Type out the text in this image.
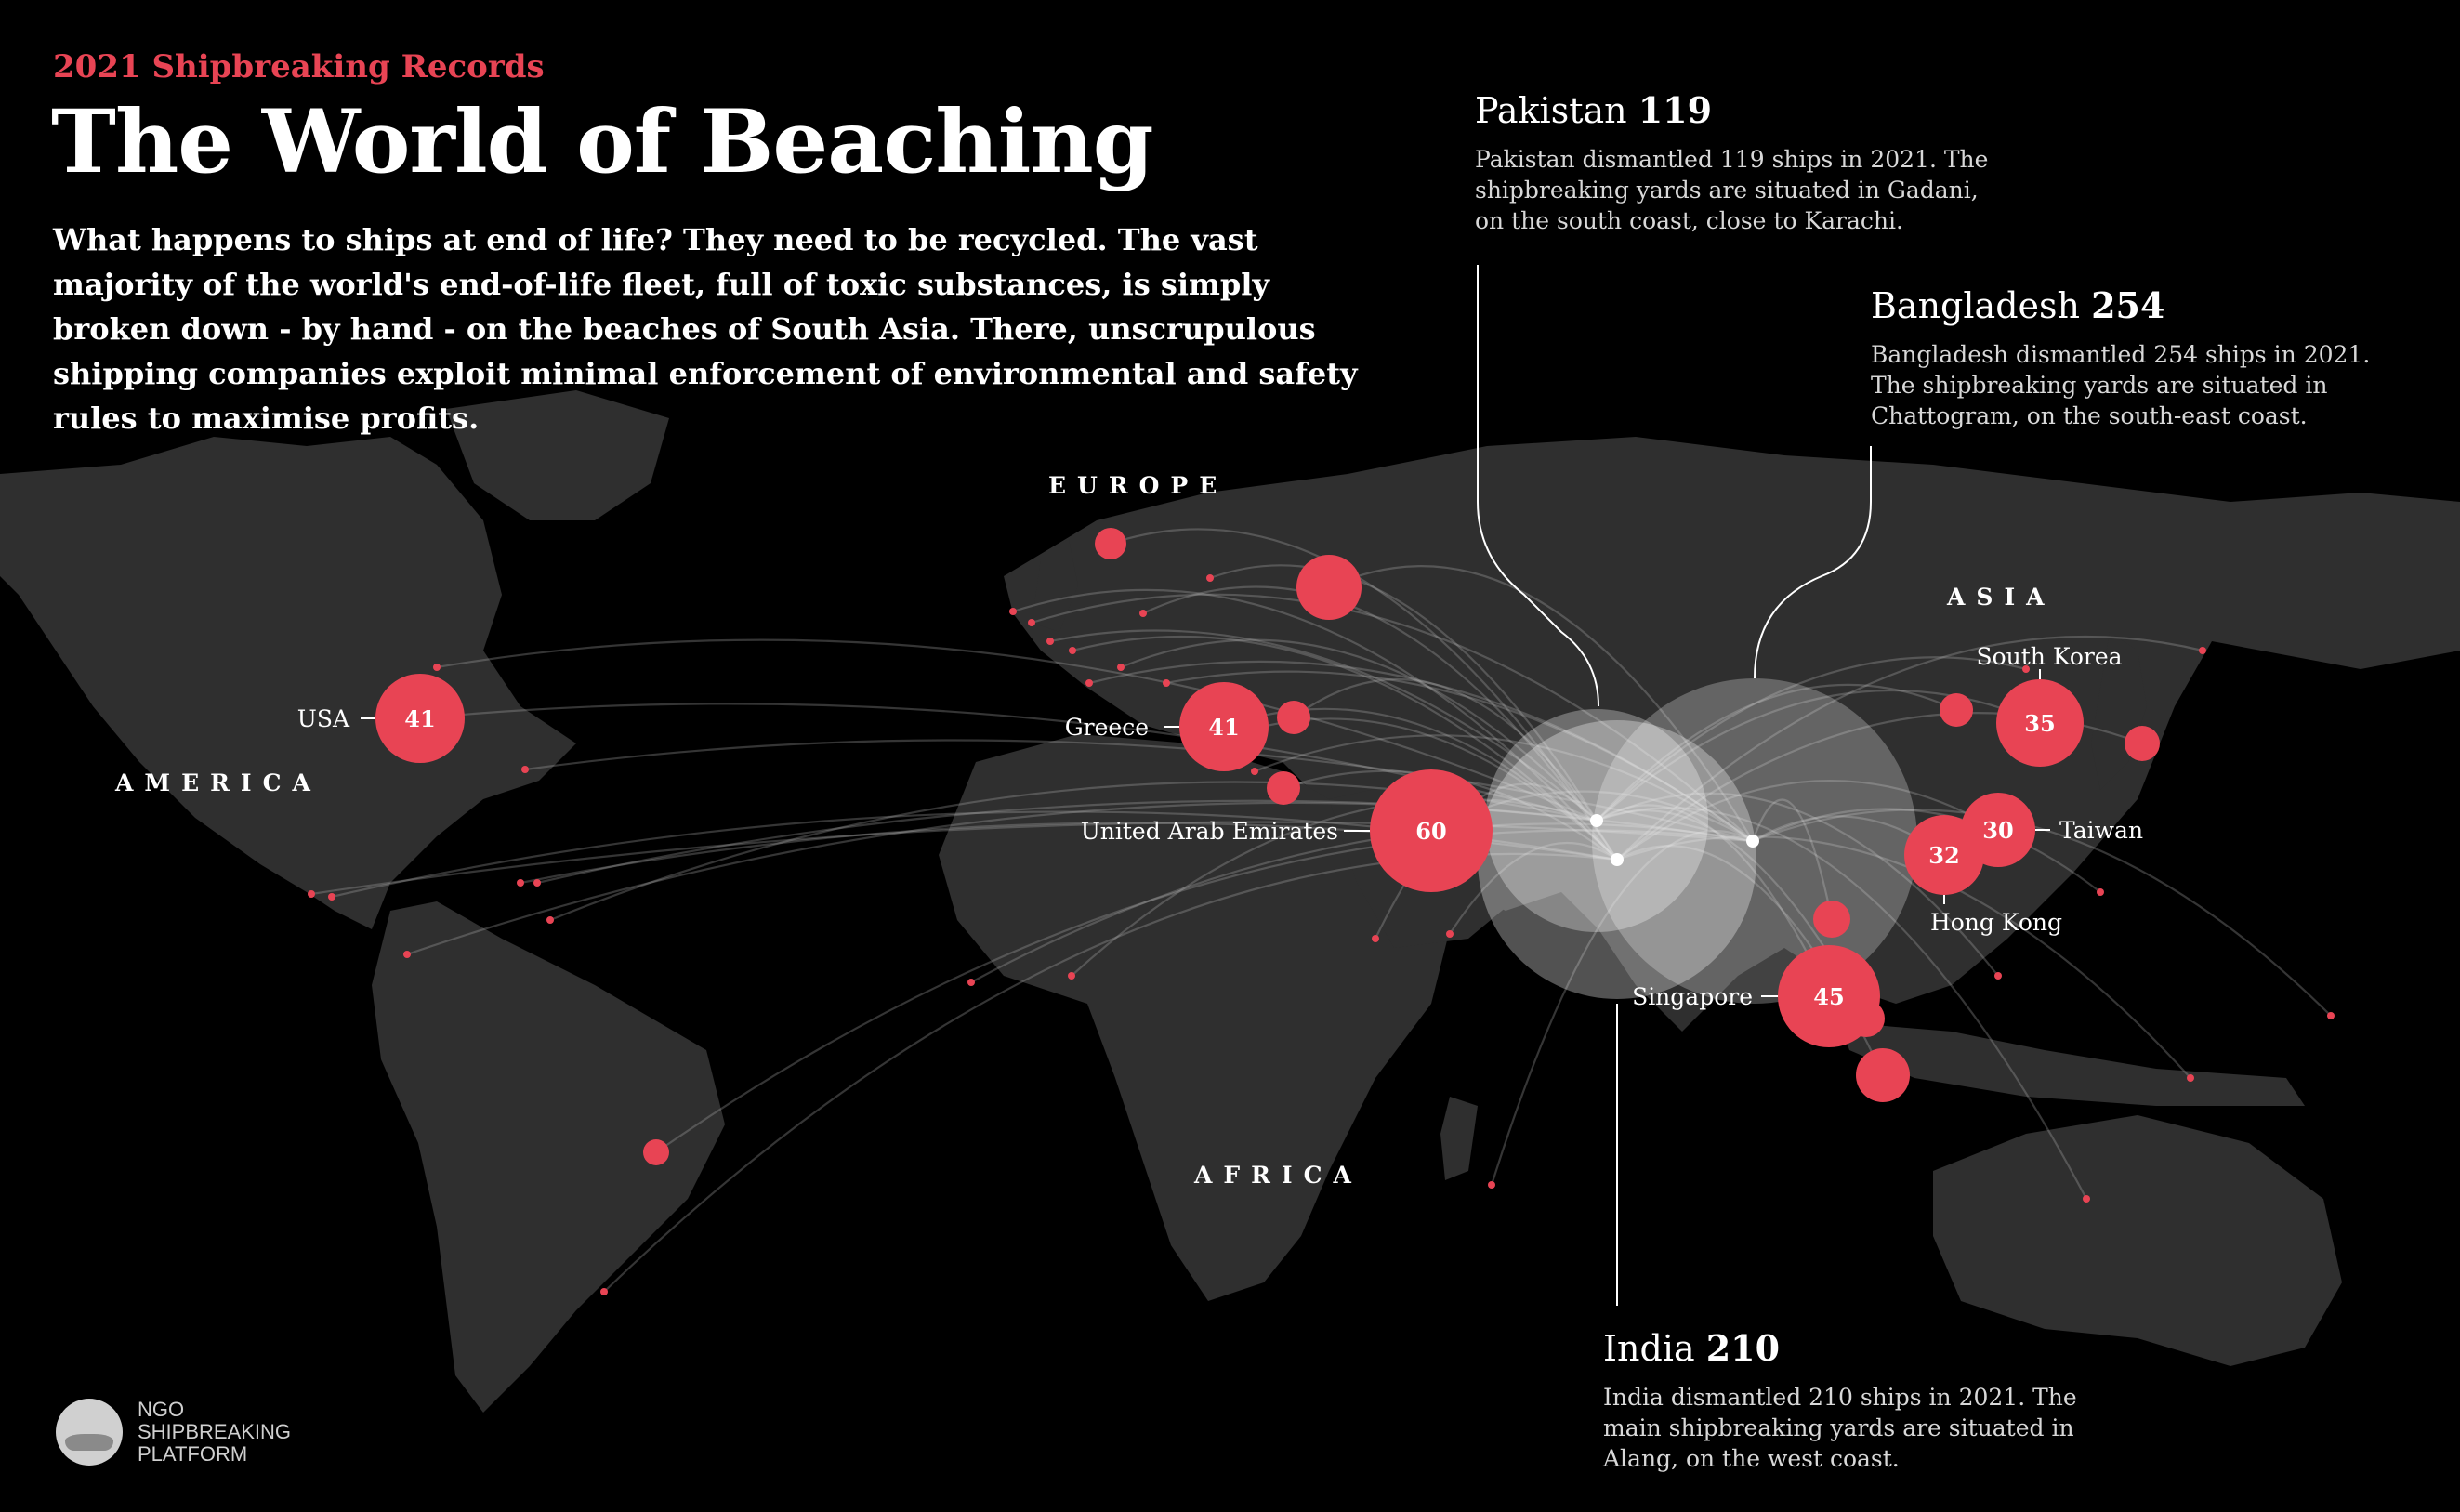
41	41
60
35
30
32
45
USA	Greece
United Arab Emirates
South Korea
Taiwan
Hong Kong
Singapore
2021 Shipbreaking Records
The World of Beaching
What happens to ships at end of life? They need to be recycled. The vast majority of the world's end-of-life fleet, full of toxic substances, is simply broken down - by hand - on the beaches of South Asia. There, unscrupulous shipping companies exploit minimal enforcement of environmental and safety rules to maximise profits.
Pakistan 119

Pakistan dismantled 119 ships in 2021. The shipbreaking yards are situated in Gadani, on the south coast, close to Karachi.

Bangladesh 254

Bangladesh dismantled 254 ships in 2021. The shipbreaking yards are situated in Chattogram, on the south-east coast.

India 210

India dismantled 210 ships in 2021. The main shipbreaking yards are situated in Alang, on the west coast.

EUROPE
ASIA
AMERICA
AFRICA
NGO
SHIPBREAKING
PLATFORM
